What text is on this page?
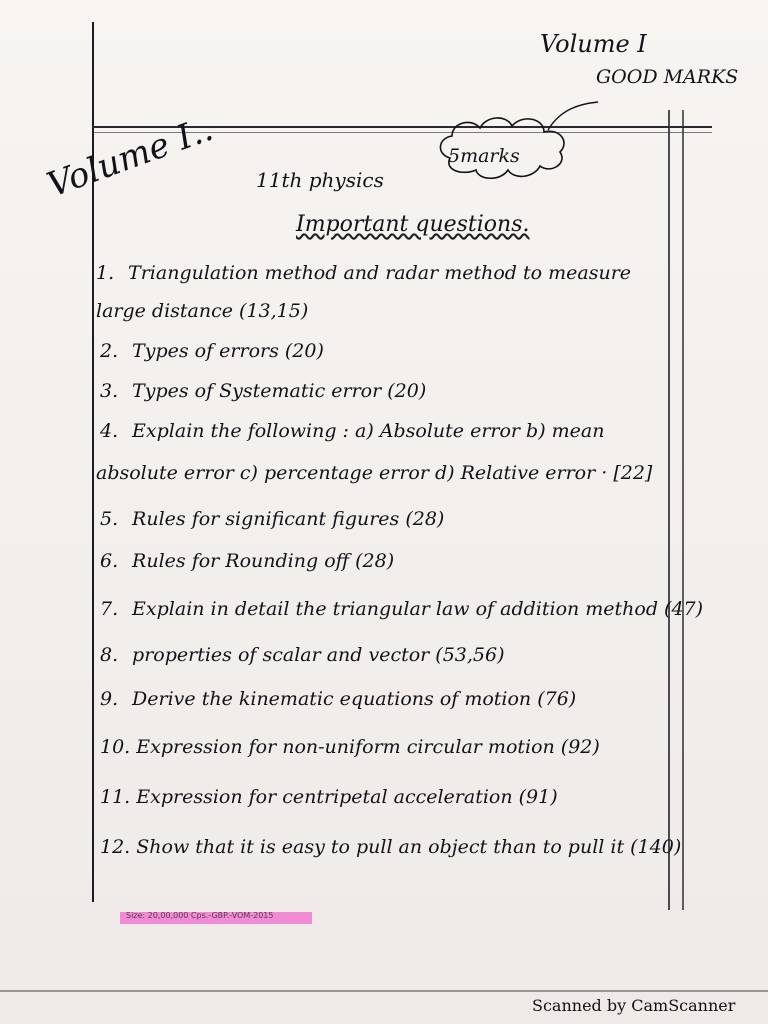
Volume I
GOOD MARKS
5marks
Volume I.. 11th physics
Important questions.
1. Triangulation method and radar method to measure
large distance (13,15)
2. Types of errors (20)
3. Types of Systematic error (20)
4. Explain the following : a) Absolute error b) mean
absolute error c) percentage error d) Relative error · [22]
5. Rules for significant figures (28)
6. Rules for Rounding off (28)
7. Explain in detail the triangular law of addition method (47)
8. properties of scalar and vector (53,56)
9. Derive the kinematic equations of motion (76)
10. Expression for non-uniform circular motion (92)
11. Expression for centripetal acceleration (91)
12. Show that it is easy to pull an object than to pull it (140)
Size: 20,00,000 Cps.-GBP.-VOM-2015
Scanned by CamScanner
